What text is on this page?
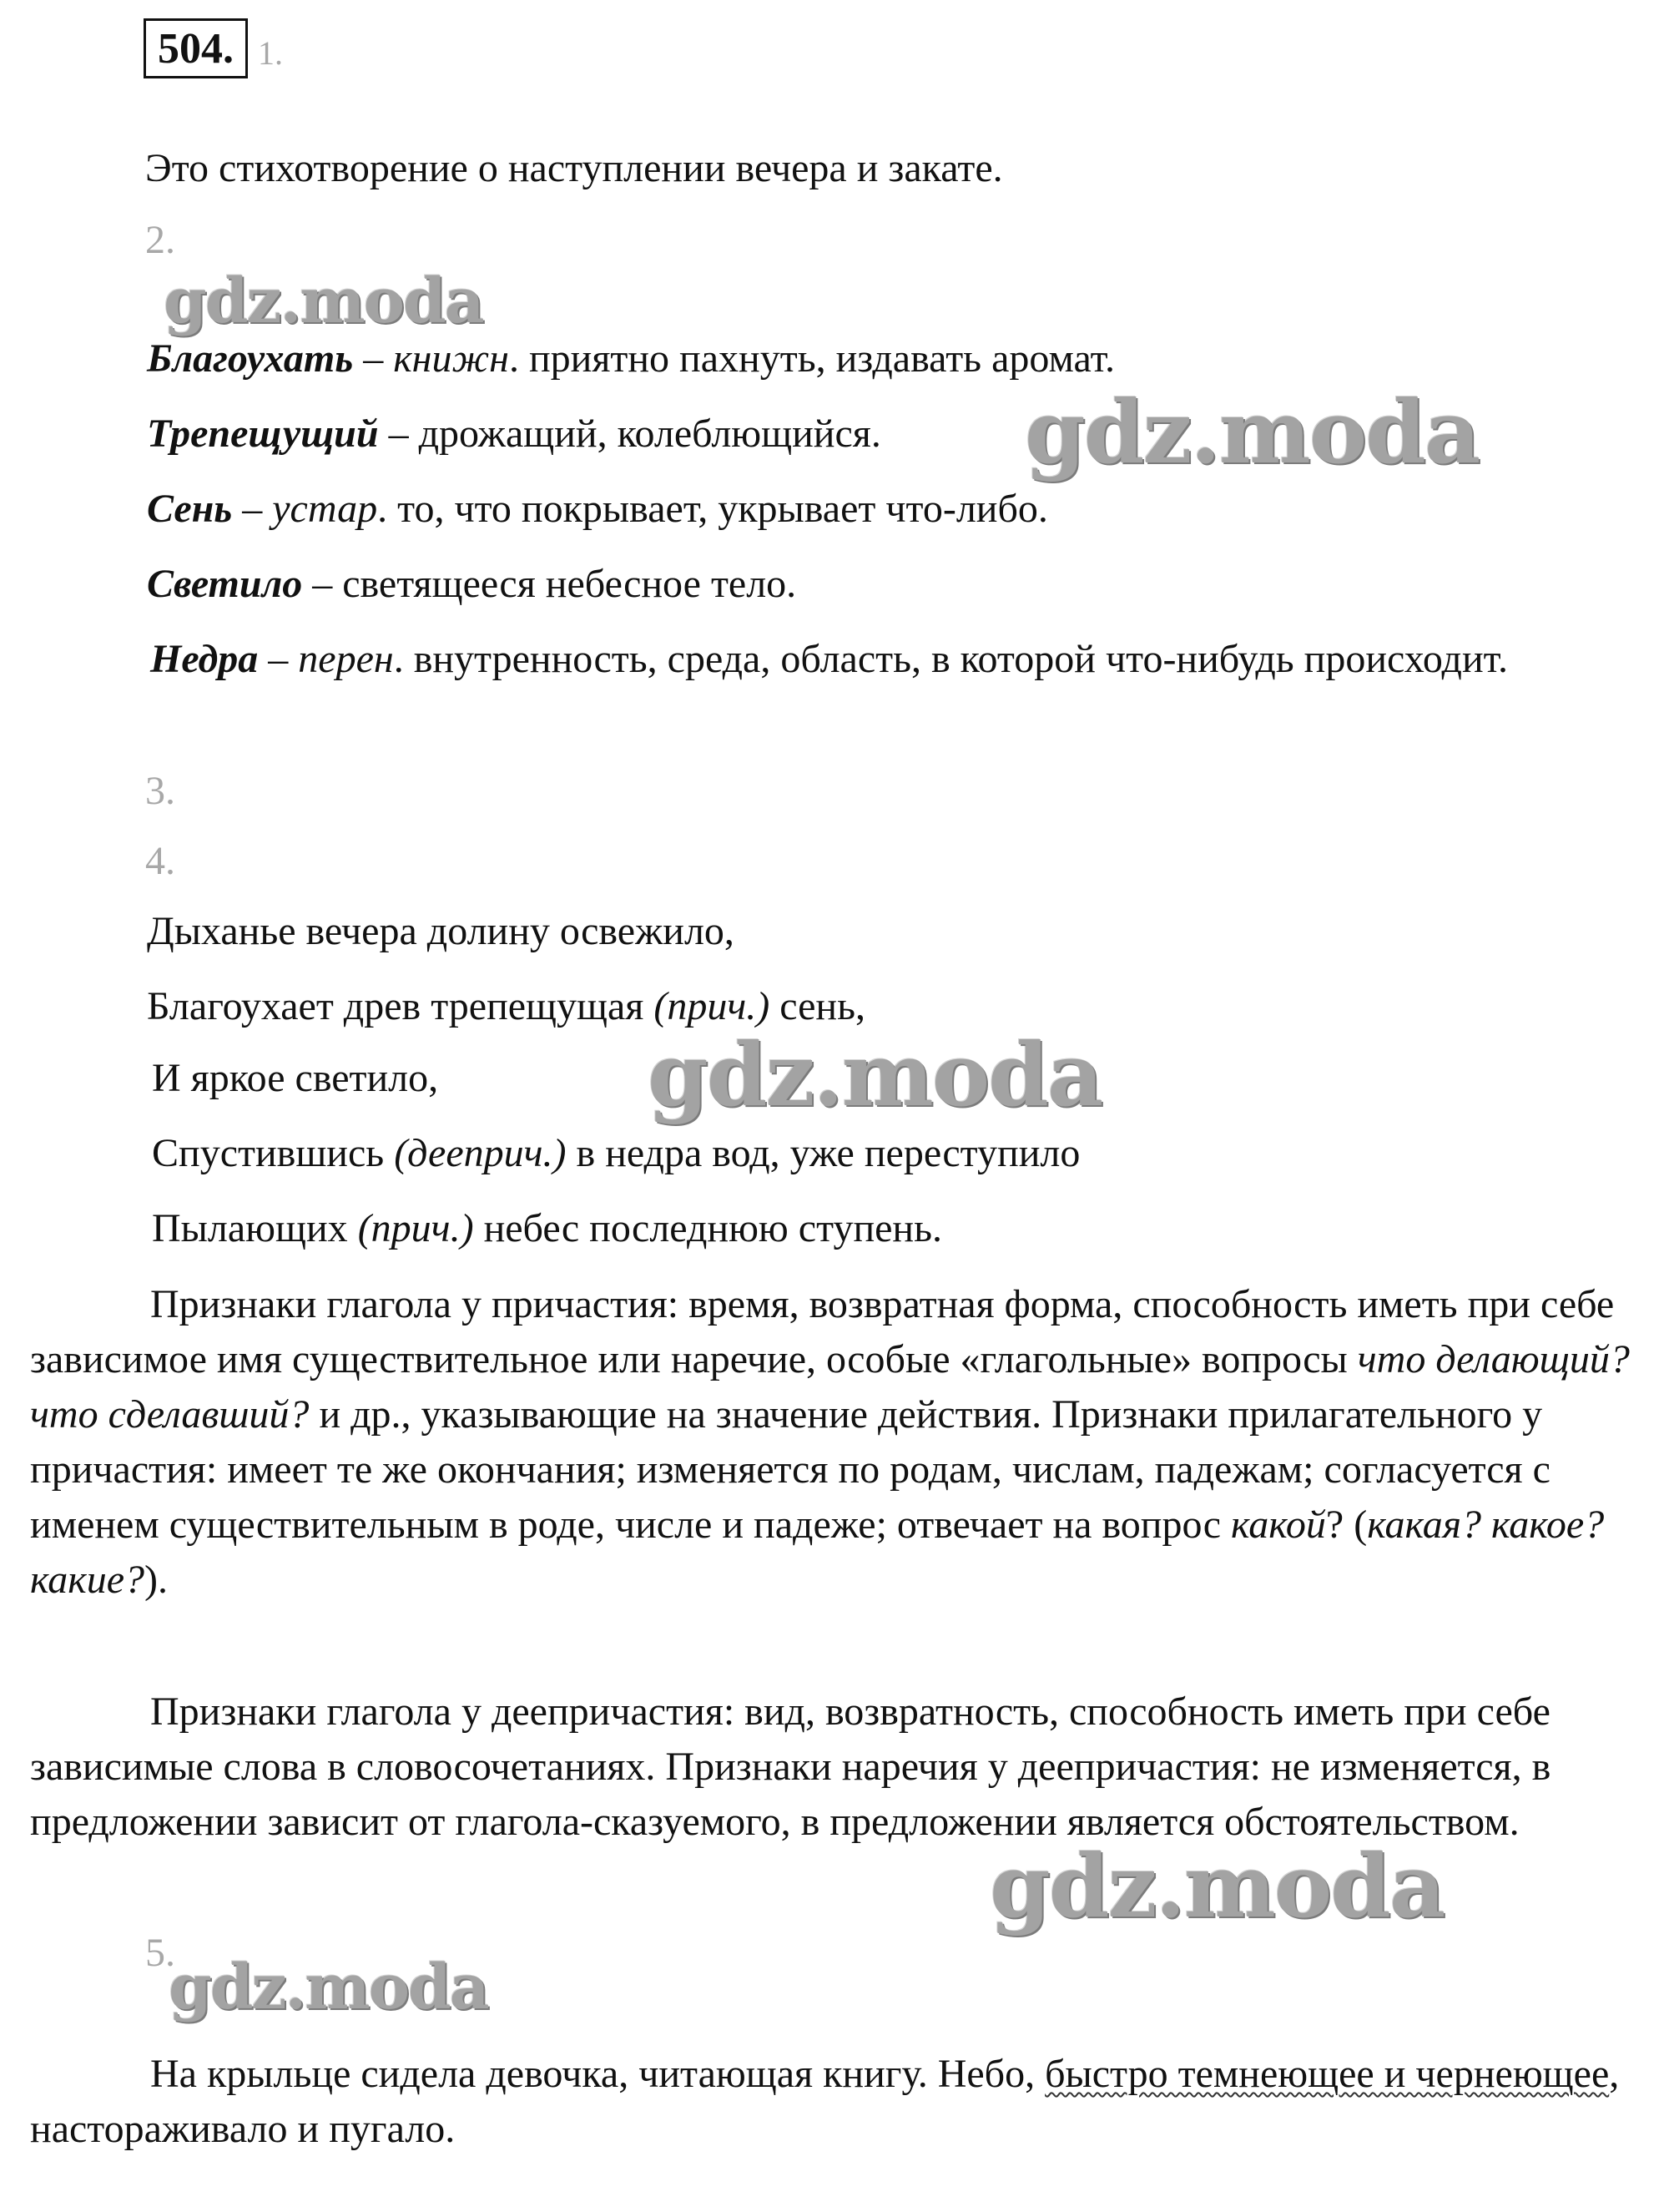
504. 1.
Это стихотворение о наступлении вечера и закате.
2.
Благоухать – книжн. приятно пахнуть, издавать аромат.
Трепещущий – дрожащий, колеблющийся.
Сень – устар. то, что покрывает, укрывает что-либо.
Светило – светящееся небесное тело.
Недра – перен. внутренность, среда, область, в которой что-нибудь происходит.
3.
4.
Дыханье вечера долину освежило,
Благоухает древ трепещущая (прич.) сень,
И яркое светило,
Спустившись (дееприч.) в недра вод, уже переступило
Пылающих (прич.) небес последнюю ступень.
Признаки глагола у причастия: время, возвратная форма, способность иметь при себе зависимое имя существительное или наречие, особые «глагольные» вопросы что делающий? что сделавший? и др., указывающие на значение действия. Признаки прилагательного у причастия: имеет те же окончания; изменяется по родам, числам, падежам; согласуется с именем существительным в роде, числе и падеже; отвечает на вопрос какой? (какая? какое? какие?).
Признаки глагола у деепричастия: вид, возвратность, способность иметь при себе зависимые слова в словосочетаниях. Признаки наречия у деепричастия: не изменяется, в предложении зависит от глагола-сказуемого, в предложении является обстоятельством.
5.
На крыльце сидела девочка, читающая книгу. Небо, быстро темнеющее и чернеющее, настораживало и пугало.
gdz.moda
gdz.moda
gdz.moda
gdz.moda
gdz.moda
